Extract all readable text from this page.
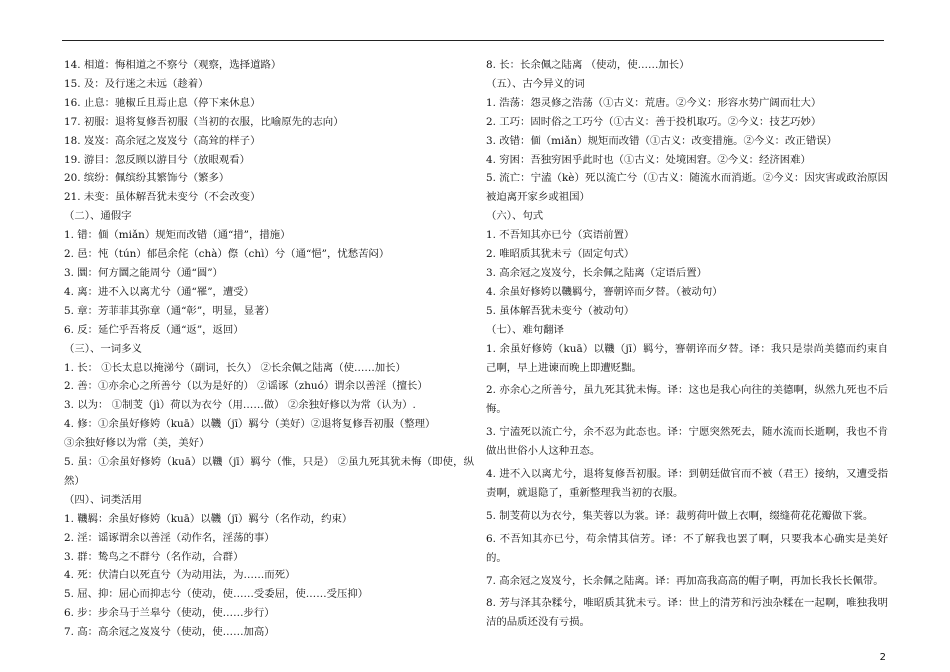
14. 相道：悔相道之不察兮（观察，选择道路）
15. 及：及行迷之未远（趁着）
16. 止息：驰椒丘且焉止息（停下来休息）
17. 初服：退将复修吾初服（当初的衣服，比喻原先的志向）
18. 岌岌：高余冠之岌岌兮（高耸的样子）
19. 游目：忽反顾以游目兮（放眼观看）
20. 缤纷：佩缤纷其繁饰兮（繁多）
21. 未变：虽体解吾犹未变兮（不会改变）
（二）、通假字
1. 错：偭（miǎn）规矩而改错（通“措”，措施）
2. 邑：忳（tún）郁邑余侘（chà）傺（chì）兮（通“悒”，忧愁苦闷）
3. 圜：何方圜之能周兮（通“圆”）
4. 离：进不入以离尤兮（通“罹”，遭受）
5. 章：芳菲菲其弥章（通“彰”，明显，显著）
6. 反：延伫乎吾将反（通“返”，返回）
（三）、一词多义
1. 长： ①长太息以掩涕兮（副词，长久） ②长余佩之陆离（使……加长）
2. 善：①亦余心之所善兮（以为是好的） ②谣诼（zhuó）谓余以善淫（擅长）
3. 以为： ①制芰（jì）荷以为衣兮（用……做） ②余独好修以为常（认为）.
4. 修：①余虽好修姱（kuā）以鞿（jī）羁兮（美好）②退将复修吾初服（整理）
③余独好修以为常（美，美好）
5. 虽：①余虽好修姱（kuā）以鞿（jī）羁兮（惟，只是） ②虽九死其犹未悔（即使，纵然）
（四）、词类活用
1. 鞿羁：余虽好修姱（kuā）以鞿（jī）羁兮（名作动，约束）
2. 淫：谣诼谓余以善淫（动作名，淫荡的事）
3. 群：鸷鸟之不群兮（名作动，合群）
4. 死：伏清白以死直兮（为动用法，为……而死）
5. 屈、抑：屈心而抑志兮（使动，使……受委屈，使……受压抑）
6. 步：步余马于兰皋兮（使动，使……步行）
7. 高：高余冠之岌岌兮（使动，使……加高）
8. 长：长余佩之陆离 （使动，使……加长）
（五）、古今异义的词
1. 浩荡：怨灵修之浩荡（①古义：荒唐。②今义：形容水势广阔而壮大）
2. 工巧：固时俗之工巧兮（①古义：善于投机取巧。②今义：技艺巧妙）
3. 改错：偭（miǎn）规矩而改错（①古义：改变措施。②今义：改正错误）
4. 穷困：吾独穷困乎此时也（①古义：处境困窘。②今义：经济困难）
5. 流亡：宁溘（kè）死以流亡兮（①古义：随流水而消逝。②今义：因灾害或政治原因被迫离开家乡或祖国）
（六）、句式
1. 不吾知其亦已兮（宾语前置）
2. 唯昭质其犹未亏（固定句式）
3. 高余冠之岌岌兮，长余佩之陆离（定语后置）
4. 余虽好修姱以鞿羁兮，謇朝谇而夕替。（被动句）
5. 虽体解吾犹未变兮（被动句）
（七）、难句翻译
1. 余虽好修姱（kuā）以鞿（jī）羁兮，謇朝谇而夕替。译：我只是崇尚美德而约束自己啊，早上进谏而晚上即遭贬黜。
2. 亦余心之所善兮，虽九死其犹未悔。译：这也是我心向往的美德啊，纵然九死也不后悔。
3. 宁溘死以流亡兮，余不忍为此态也。译：宁愿突然死去，随水流而长逝啊，我也不肯做出世俗小人这种丑态。
4. 进不入以离尤兮，退将复修吾初服。译：到朝廷做官而不被（君王）接纳，又遭受指责啊，就退隐了，重新整理我当初的衣服。
5. 制芰荷以为衣兮，集芙蓉以为裳。译：裁剪荷叶做上衣啊，缀缝荷花花瓣做下裳。
6. 不吾知其亦已兮，苟余情其信芳。译：不了解我也罢了啊，只要我本心确实是美好的。
7. 高余冠之岌岌兮，长余佩之陆离。译：再加高我高高的帽子啊，再加长我长长佩带。
8. 芳与泽其杂糅兮，唯昭质其犹未亏。译：世上的清芳和污浊杂糅在一起啊，唯独我明洁的品质还没有亏损。
2
